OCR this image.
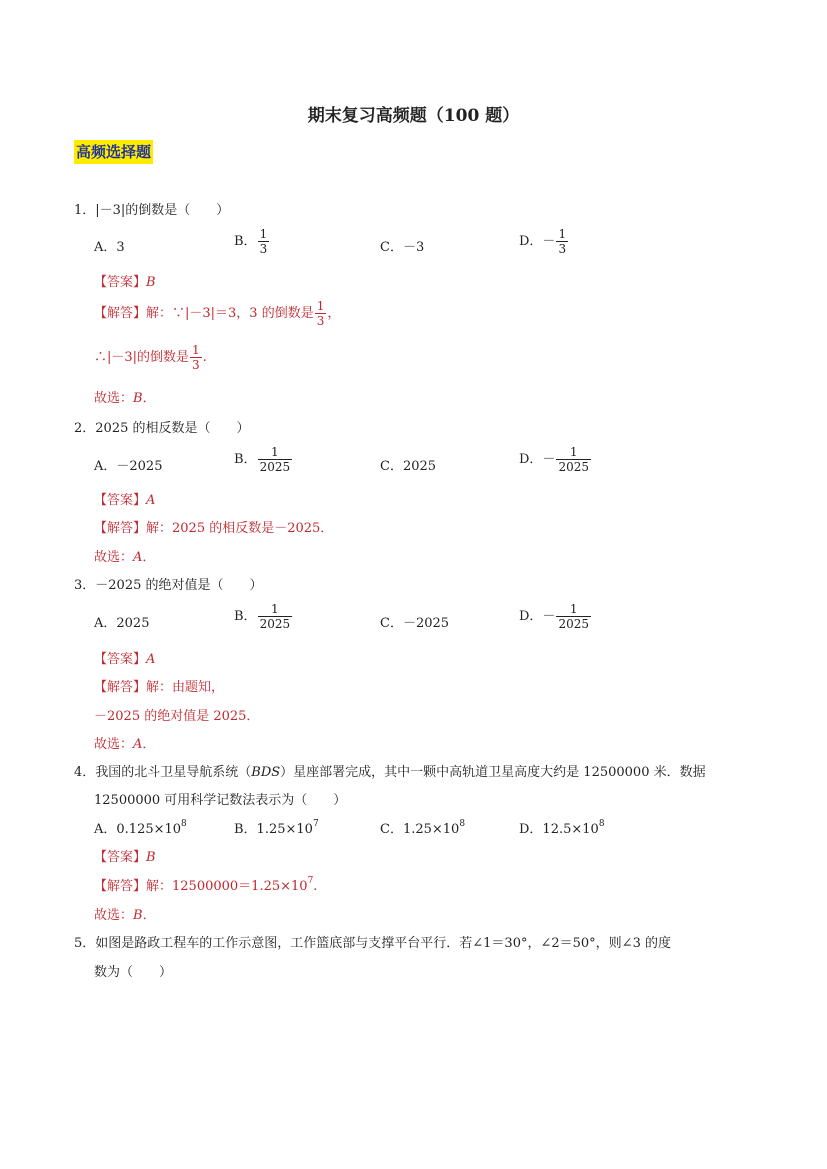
期末复习高频题（100 题）
高频选择题
1．|－3|的倒数是（　　）
A．3	B． $\frac{1}{3}$	C．－3	D．－ $\frac{1}{3}$
【答案】B
【解答】解：∵|－3|＝3，3 的倒数是 $\frac{1}{3}$ ，
∴|－3|的倒数是 $\frac{1}{3}$ .
故选：B．
2．2025 的相反数是（　　）
A．－2025	B． $\frac{1}{2025}$	C．2025	D．－ $\frac{1}{2025}$
【答案】A
【解答】解：2025 的相反数是－2025．
故选：A．
3．－2025 的绝对值是（　　）
A．2025	B． $\frac{1}{2025}$	C．－2025	D．－ $\frac{1}{2025}$
【答案】A
【解答】解：由题知，
－2025 的绝对值是 2025．
故选：A．
4．我国的北斗卫星导航系统（BDS）星座部署完成，其中一颗中高轨道卫星高度大约是 12500000 米．数据
12500000 可用科学记数法表示为（　　）
A．$0.125\times 10^8$	B．$1.25\times 10^7$	C．$1.25\times 10^8$	D．$12.5\times 10^8$
【答案】B
【解答】解：$12500000=1.25\times 10^7$.
故选：B．
5．如图是路政工程车的工作示意图，工作篮底部与支撑平台平行．若∠1＝30°，∠2＝50°，则∠3 的度
数为（　　）
